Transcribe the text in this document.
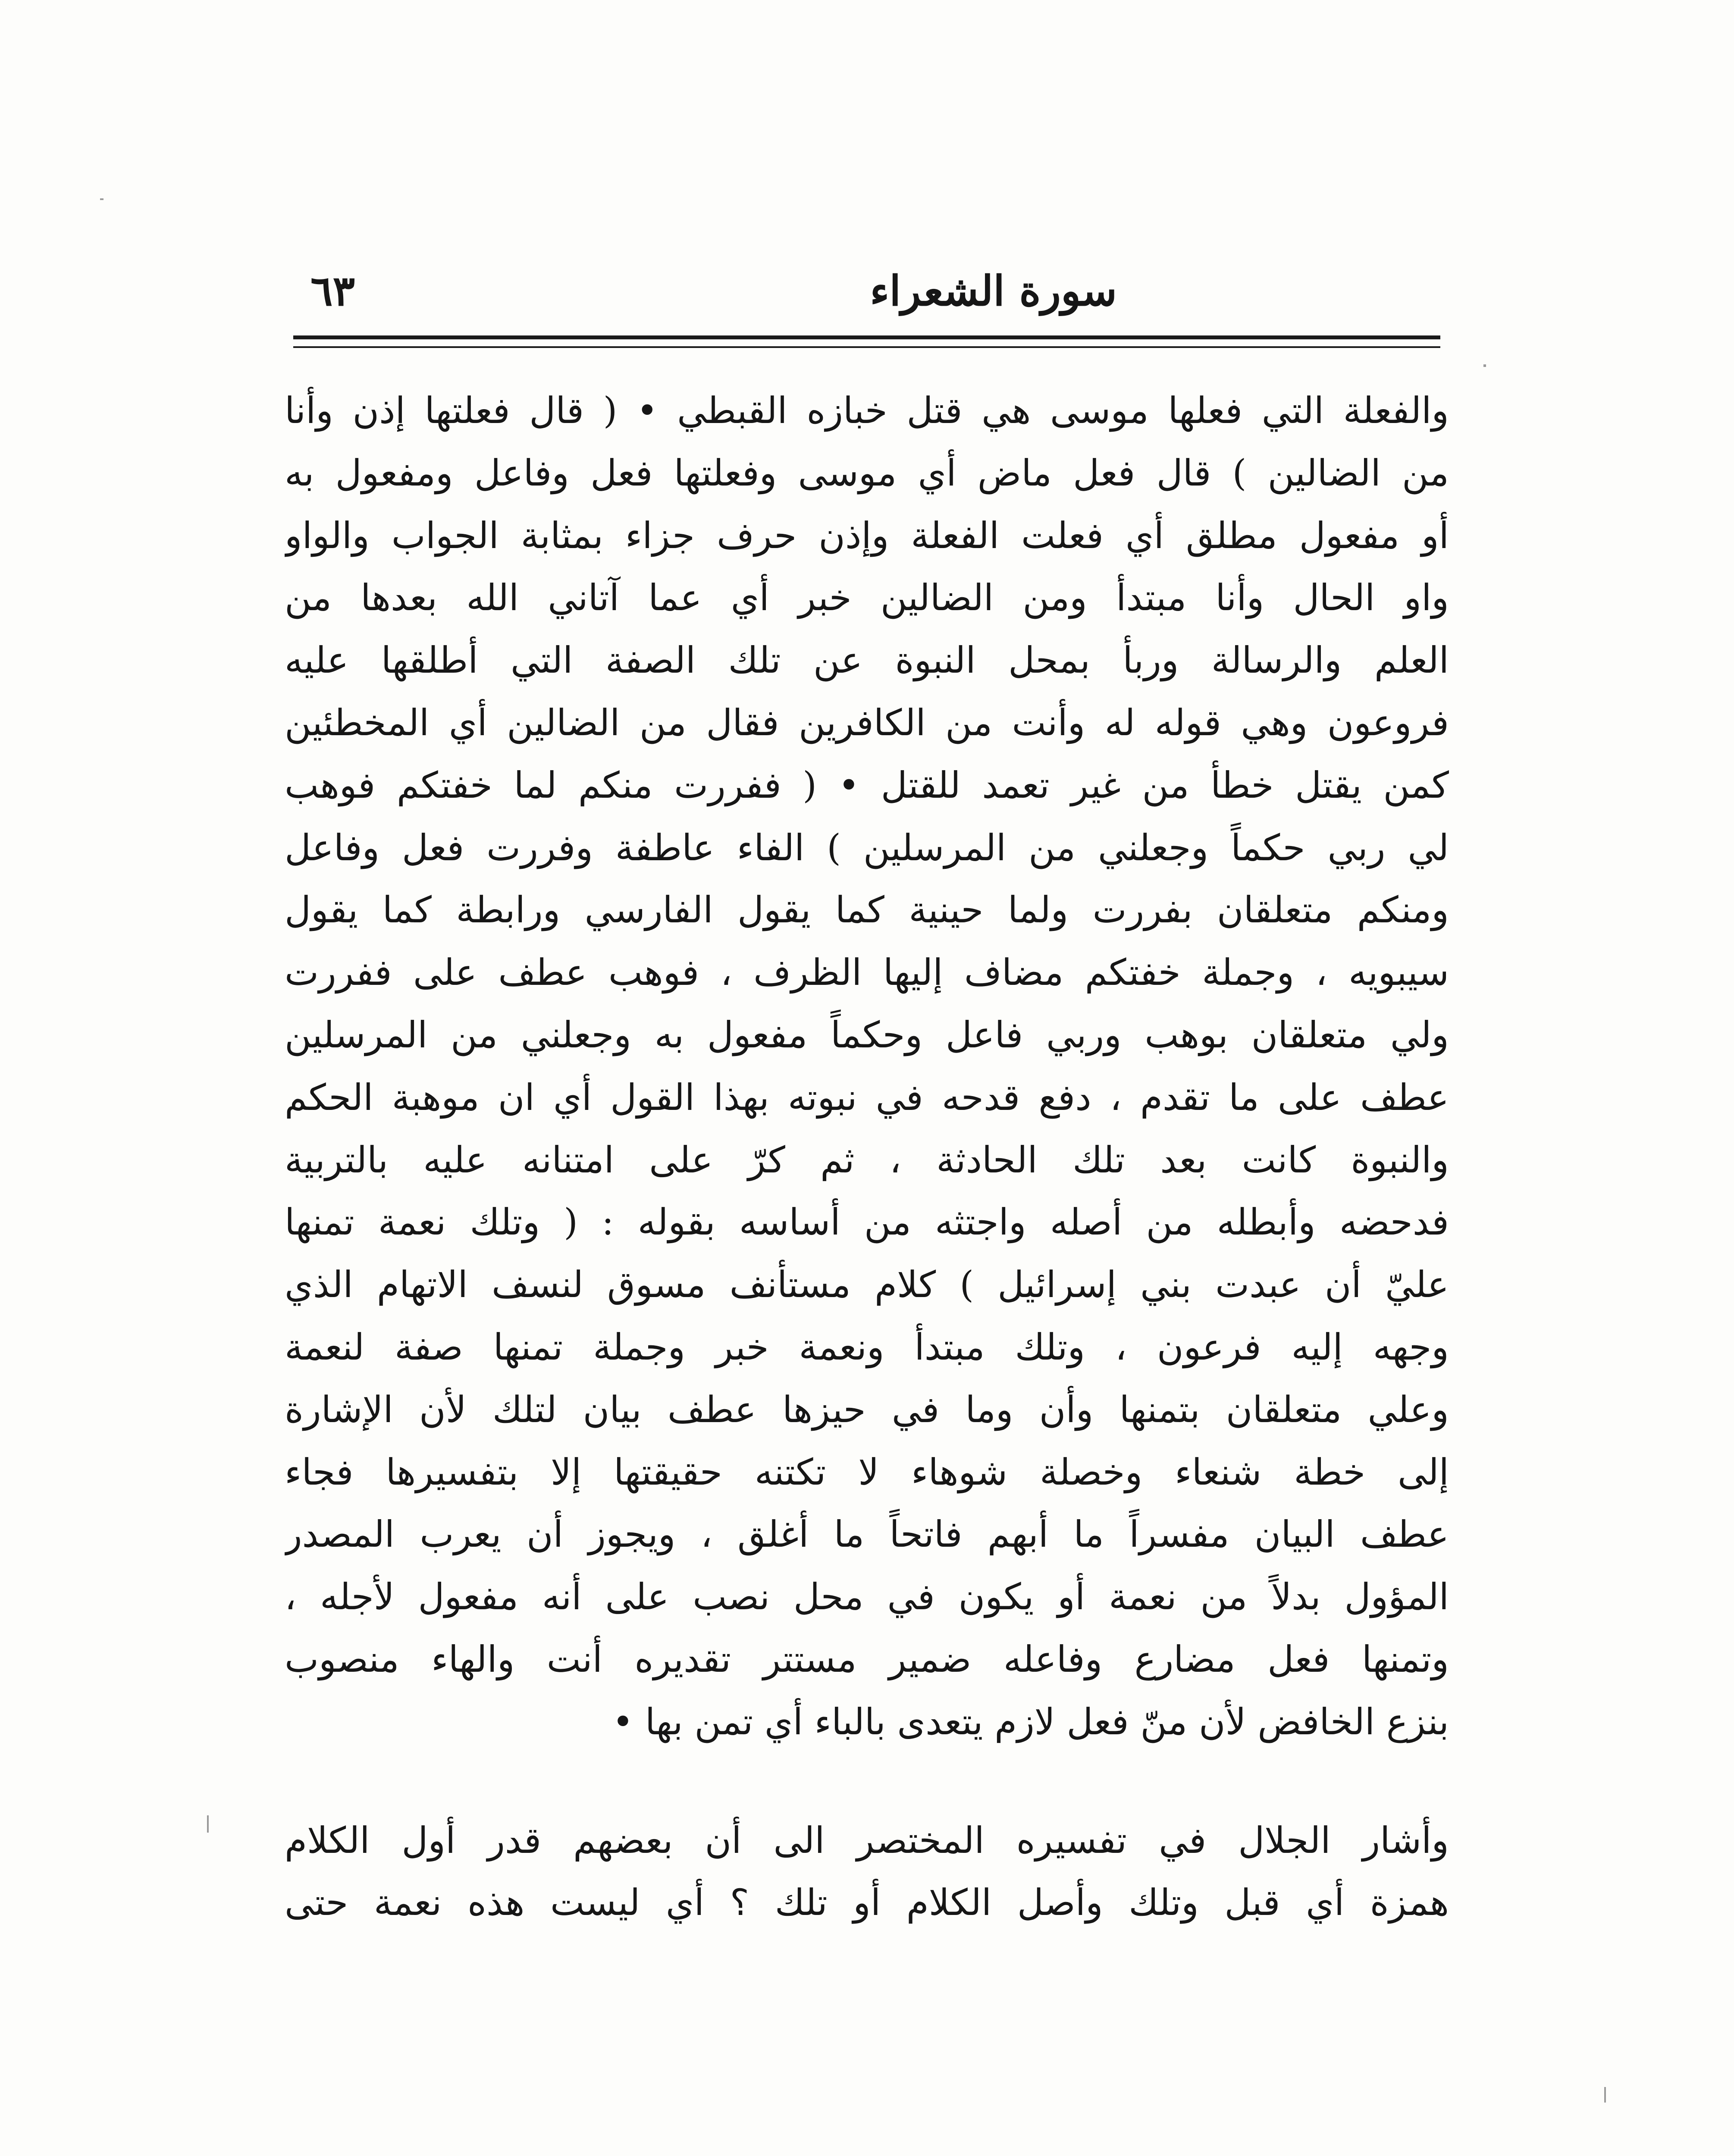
سورة الشعراء
٦٣
والفعلة التي فعلها موسى هي قتل خبازه القبطي • ( قال فعلتها إذن وأنا
من الضالين ) قال فعل ماض أي موسى وفعلتها فعل وفاعل ومفعول به
أو مفعول مطلق أي فعلت الفعلة وإذن حرف جزاء بمثابة الجواب والواو
واو الحال وأنا مبتدأ ومن الضالين خبر أي عما آتاني الله بعدها من
العلم والرسالة وربأ بمحل النبوة عن تلك الصفة التي أطلقها عليه
فروعون وهي قوله له وأنت من الكافرين فقال من الضالين أي المخطئين
كمن يقتل خطأ من غير تعمد للقتل • ( ففررت منكم لما خفتكم فوهب
لي ربي حكماً وجعلني من المرسلين ) الفاء عاطفة وفررت فعل وفاعل
ومنكم متعلقان بفررت ولما حينية كما يقول الفارسي ورابطة كما يقول
سيبويه ، وجملة خفتكم مضاف إليها الظرف ، فوهب عطف على ففررت
ولي متعلقان بوهب وربي فاعل وحكماً مفعول به وجعلني من المرسلين
عطف على ما تقدم ، دفع قدحه في نبوته بهذا القول أي ان موهبة الحكم
والنبوة كانت بعد تلك الحادثة ، ثم كرّ على امتنانه عليه بالتربية
فدحضه وأبطله من أصله واجتثه من أساسه بقوله : ( وتلك نعمة تمنها
عليّ أن عبدت بني إسرائيل ) كلام مستأنف مسوق لنسف الاتهام الذي
وجهه إليه فرعون ، وتلك مبتدأ ونعمة خبر وجملة تمنها صفة لنعمة
وعلي متعلقان بتمنها وأن وما في حيزها عطف بيان لتلك لأن الإشارة
إلى خطة شنعاء وخصلة شوهاء لا تكتنه حقيقتها إلا بتفسيرها فجاء
عطف البيان مفسراً ما أبهم فاتحاً ما أغلق ، ويجوز أن يعرب المصدر
المؤول بدلاً من نعمة أو يكون في محل نصب على أنه مفعول لأجله ،
وتمنها فعل مضارع وفاعله ضمير مستتر تقديره أنت والهاء منصوب
بنزع الخافض لأن منّ فعل لازم يتعدى بالباء أي تمن بها •
وأشار الجلال في تفسيره المختصر الى أن بعضهم قدر أول الكلام
همزة أي قبل وتلك وأصل الكلام أو تلك ؟ أي ليست هذه نعمة حتى
